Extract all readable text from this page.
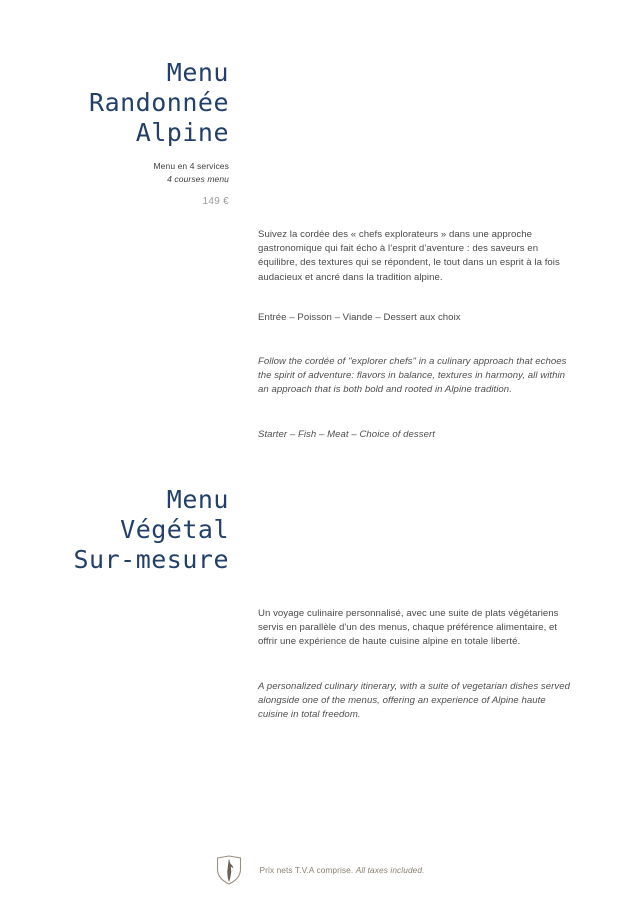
Menu
Randonnée
Alpine
Menu en 4 services
4 courses menu
149 €

Suivez la cordée des « chefs explorateurs » dans une approche gastronomique qui fait écho à l’esprit d’aventure : des saveurs en équilibre, des textures qui se répondent, le tout dans un esprit à la fois audacieux et ancré dans la tradition alpine.

Entrée – Poisson – Viande – Dessert aux choix

Follow the cordée of "explorer chefs" in a culinary approach that echoes the spirit of adventure: flavors in balance, textures in harmony, all within an approach that is both bold and rooted in Alpine tradition.

Starter – Fish – Meat – Choice of dessert

Menu
Végétal
Sur-mesure

Un voyage culinaire personnalisé, avec une suite de plats végétariens servis en parallèle d'un des menus, chaque préférence alimentaire, et offrir une expérience de haute cuisine alpine en totale liberté.

A personalized culinary itinerary, with a suite of vegetarian dishes served alongside one of the menus, offering an experience of Alpine haute cuisine in total freedom.

Prix nets T.V.A comprise. All taxes included.
